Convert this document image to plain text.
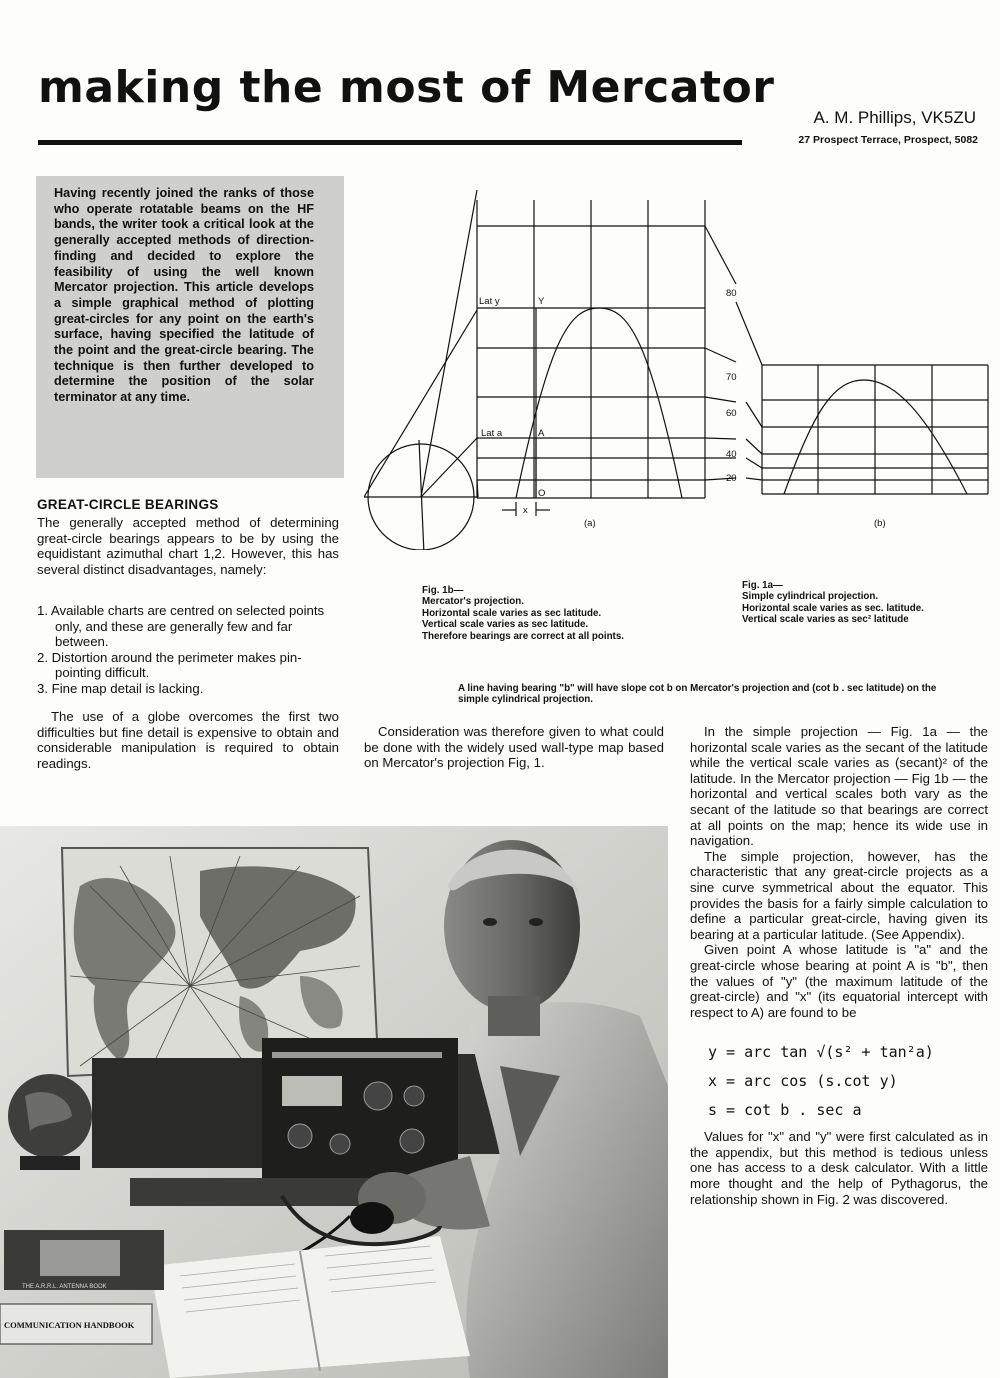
making the most of Mercator
A. M. Phillips, VK5ZU
27 Prospect Terrace, Prospect, 5082
Having recently joined the ranks of those who operate rotatable beams on the HF bands, the writer took a critical look at the generally accepted methods of direction-finding and decided to explore the feasibility of using the well known Mercator projection. This article develops a simple graphical method of plotting great-circles for any point on the earth's surface, having specified the latitude of the point and the great-circle bearing. The technique is then further developed to determine the position of the solar terminator at any time.
GREAT-CIRCLE BEARINGS
The generally accepted method of determining great-circle bearings appears to be by using the equidistant azimuthal chart 1,2. However, this has several distinct disadvantages, namely:
1. Available charts are centred on selected points only, and these are generally few and far between.
2. Distortion around the perimeter makes pin-pointing difficult.
3. Fine map detail is lacking.
The use of a globe overcomes the first two difficulties but fine detail is expensive to obtain and considerable manipulation is required to obtain readings.
Consideration was therefore given to what could be done with the widely used wall-type map based on Mercator's projection Fig, 1.

In the simple projection — Fig. 1a — the horizontal scale varies as the secant of the latitude while the vertical scale varies as (secant)² of the latitude. In the Mercator projection — Fig 1b — the horizontal and vertical scales both vary as the secant of the latitude so that bearings are correct at all points on the map; hence its wide use in navigation.

The simple projection, however, has the characteristic that any great-circle projects as a sine curve symmetrical about the equator. This provides the basis for a fairly simple calculation to define a particular great-circle, having given its bearing at a particular latitude. (See Appendix).

Given point A whose latitude is "a" and the great-circle whose bearing at point A is "b", then the values of "y" (the maximum latitude of the great-circle) and "x" (its equatorial intercept with respect to A) are found to be

y = arc tan √(s² + tan²a)
x = arc cos (s.cot y)
s = cot b . sec a

Values for "x" and "y" were first calculated as in the appendix, but this method is tedious unless one has access to a desk calculator. With a little more thought and the help of Pythagorus, the relationship shown in Fig. 2 was discovered.

Lat y	Y
Lat a	A
O
x
(a)	(b)
80
70
60
40
20
Fig. 1b—
Mercator's projection.
Horizontal scale varies as sec latitude.
Vertical scale varies as sec latitude.
Therefore bearings are correct at all points.
Fig. 1a—
Simple cylindrical projection.
Horizontal scale varies as sec. latitude.
Vertical scale varies as sec² latitude
A line having bearing "b" will have slope cot b on Mercator's projection and (cot b . sec latitude) on the simple cylindrical projection.
THE A.R.R.L. ANTENNA BOOK
COMMUNICATION HANDBOOK
